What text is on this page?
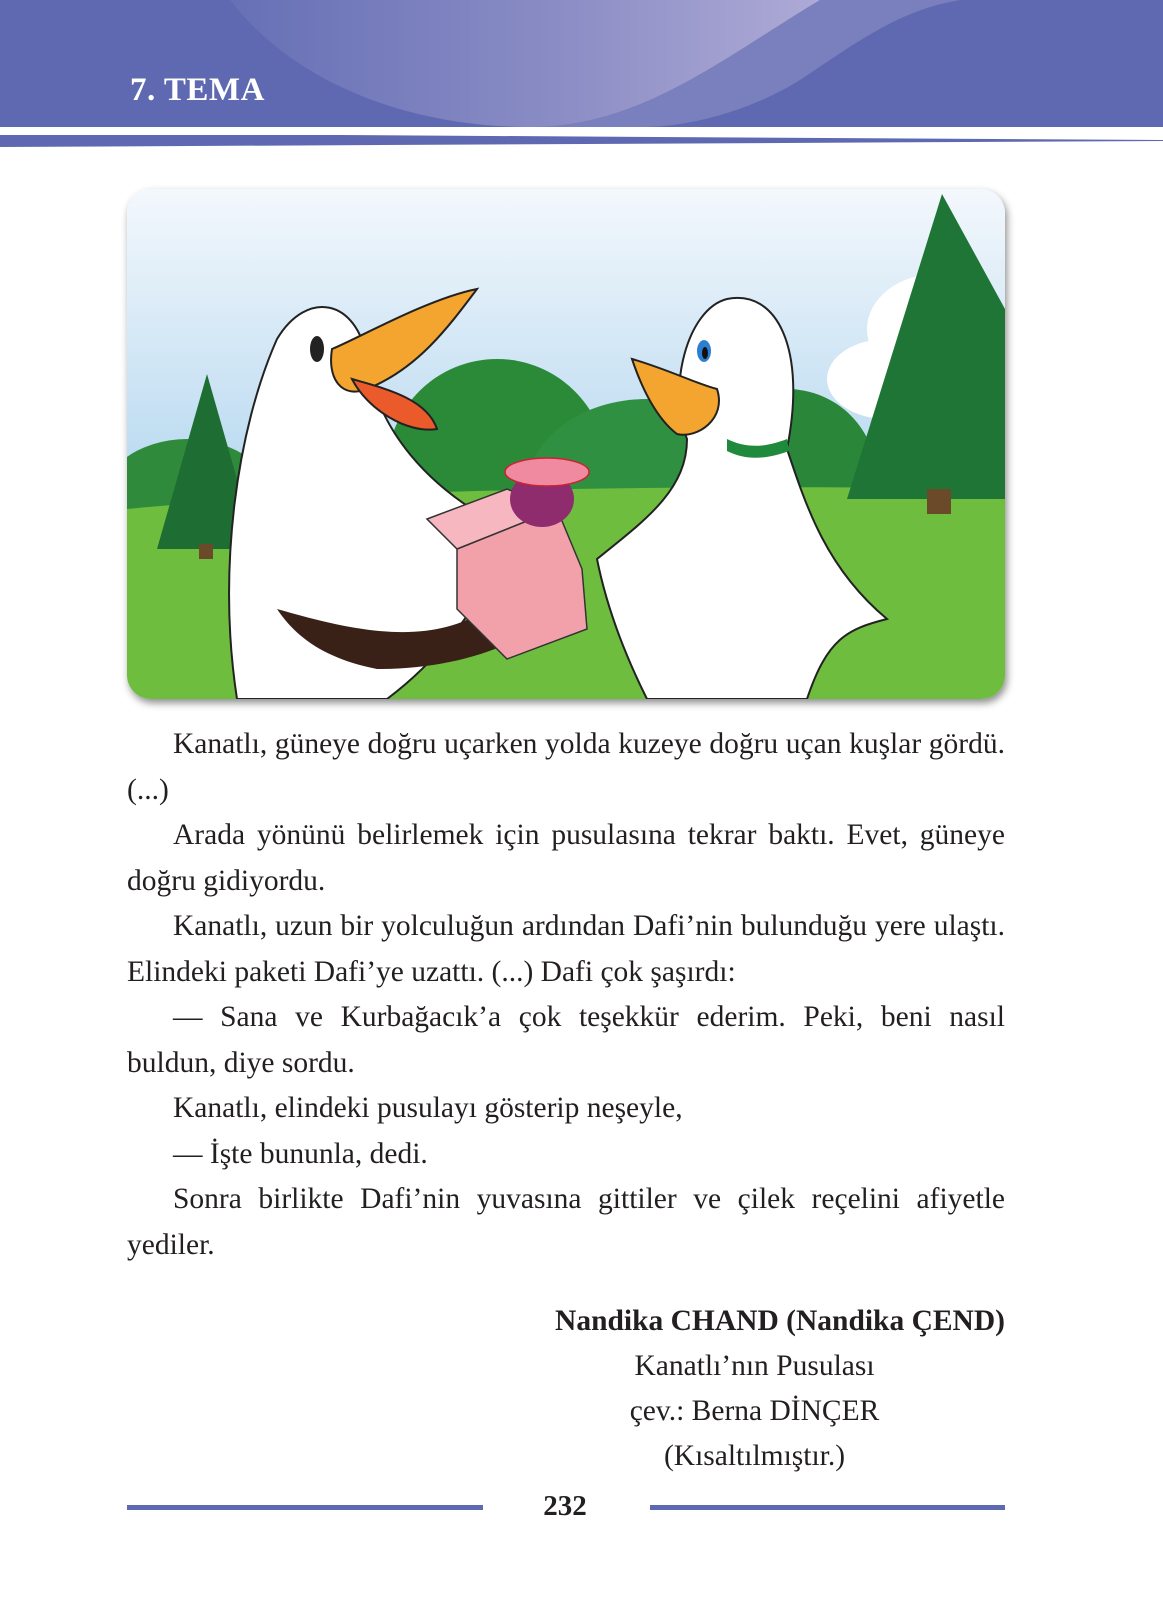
7. TEMA

Kanatlı, güneye doğru uçarken yolda kuzeye doğru uçan kuşlar gördü. (...)

Arada yönünü belirlemek için pusulasına tekrar baktı. Evet, güneye doğru gidiyordu.

Kanatlı, uzun bir yolculuğun ardından Dafi’nin bulunduğu yere ulaştı. Elindeki paketi Dafi’ye uzattı. (...) Dafi çok şaşırdı:

— Sana ve Kurbağacık’a çok teşekkür ederim. Peki, beni nasıl buldun, diye sordu.

Kanatlı, elindeki pusulayı gösterip neşeyle,

— İşte bununla, dedi.

Sonra birlikte Dafi’nin yuvasına gittiler ve çilek reçelini afiyetle yediler.

Nandika CHAND (Nandika ÇEND)
Kanatlı’nın Pusulası
çev.: Berna DİNÇER
(Kısaltılmıştır.)
232
